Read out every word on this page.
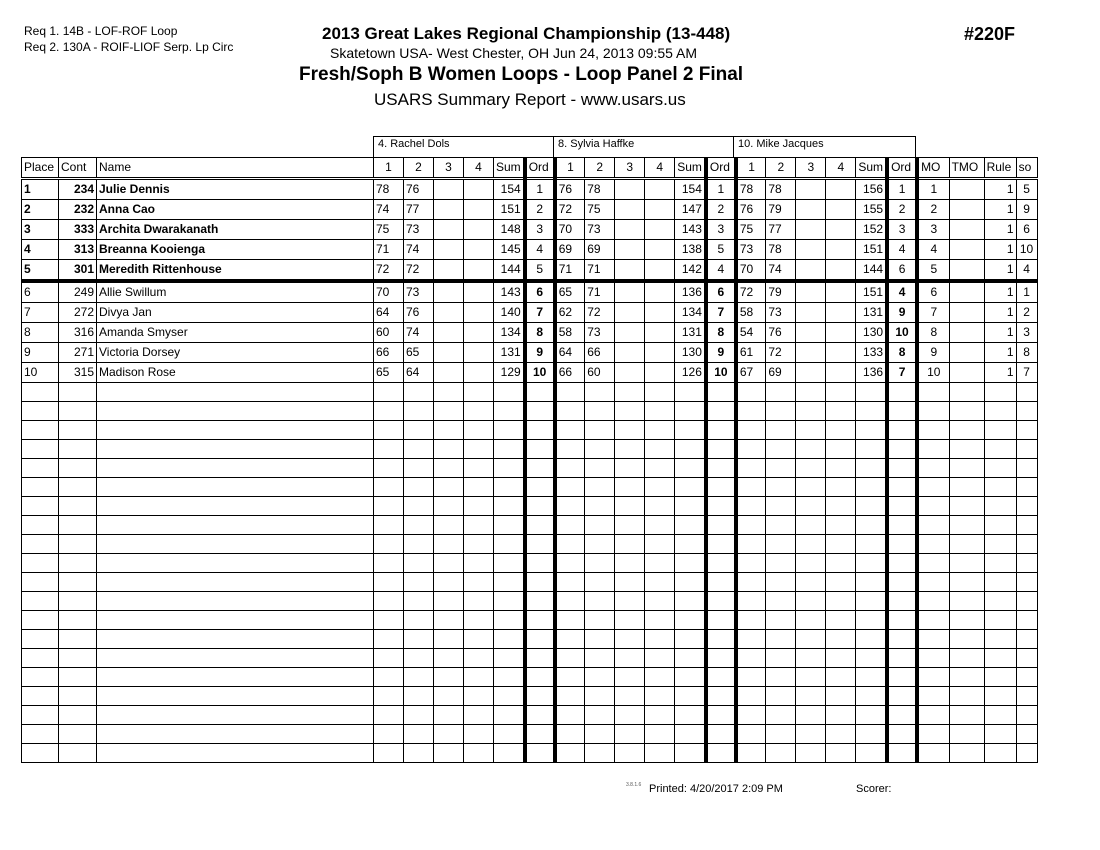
Req 1. 14B - LOF-ROF Loop
Req 2. 130A - ROIF-LIOF Serp. Lp Circ
2013 Great Lakes Regional Championship (13-448)
Skatetown USA- West Chester, OH Jun 24, 2013 09:55 AM
Fresh/Soph B Women Loops - Loop Panel 2 Final
USARS Summary Report - www.usars.us
#220F
4. Rachel Dols	8. Sylvia Haffke	10. Mike Jacques
Place	Cont	Name	1	2	3	4	Sum	Ord	1	2	3	4	Sum	Ord	1	2	3	4	Sum	Ord	MO	TMO	Rule	so
1	234	Julie Dennis	78	76			154	1	76	78			154	1	78	78			156	1	1		1	5
2	232	Anna Cao	74	77			151	2	72	75			147	2	76	79			155	2	2		1	9
3	333	Archita Dwarakanath	75	73			148	3	70	73			143	3	75	77			152	3	3		1	6
4	313	Breanna Kooienga	71	74			145	4	69	69			138	5	73	78			151	4	4		1	10
5	301	Meredith Rittenhouse	72	72			144	5	71	71			142	4	70	74			144	6	5		1	4
6	249	Allie Swillum	70	73			143	6	65	71			136	6	72	79			151	4	6		1	1
7	272	Divya Jan	64	76			140	7	62	72			134	7	58	73			131	9	7		1	2
8	316	Amanda Smyser	60	74			134	8	58	73			131	8	54	76			130	10	8		1	3
9	271	Victoria Dorsey	66	65			131	9	64	66			130	9	61	72			133	8	9		1	8
10	315	Madison Rose	65	64			129	10	66	60			126	10	67	69			136	7	10		1	7

3.8.1.6 Printed: 4/20/2017 2:09 PM	Scorer:
